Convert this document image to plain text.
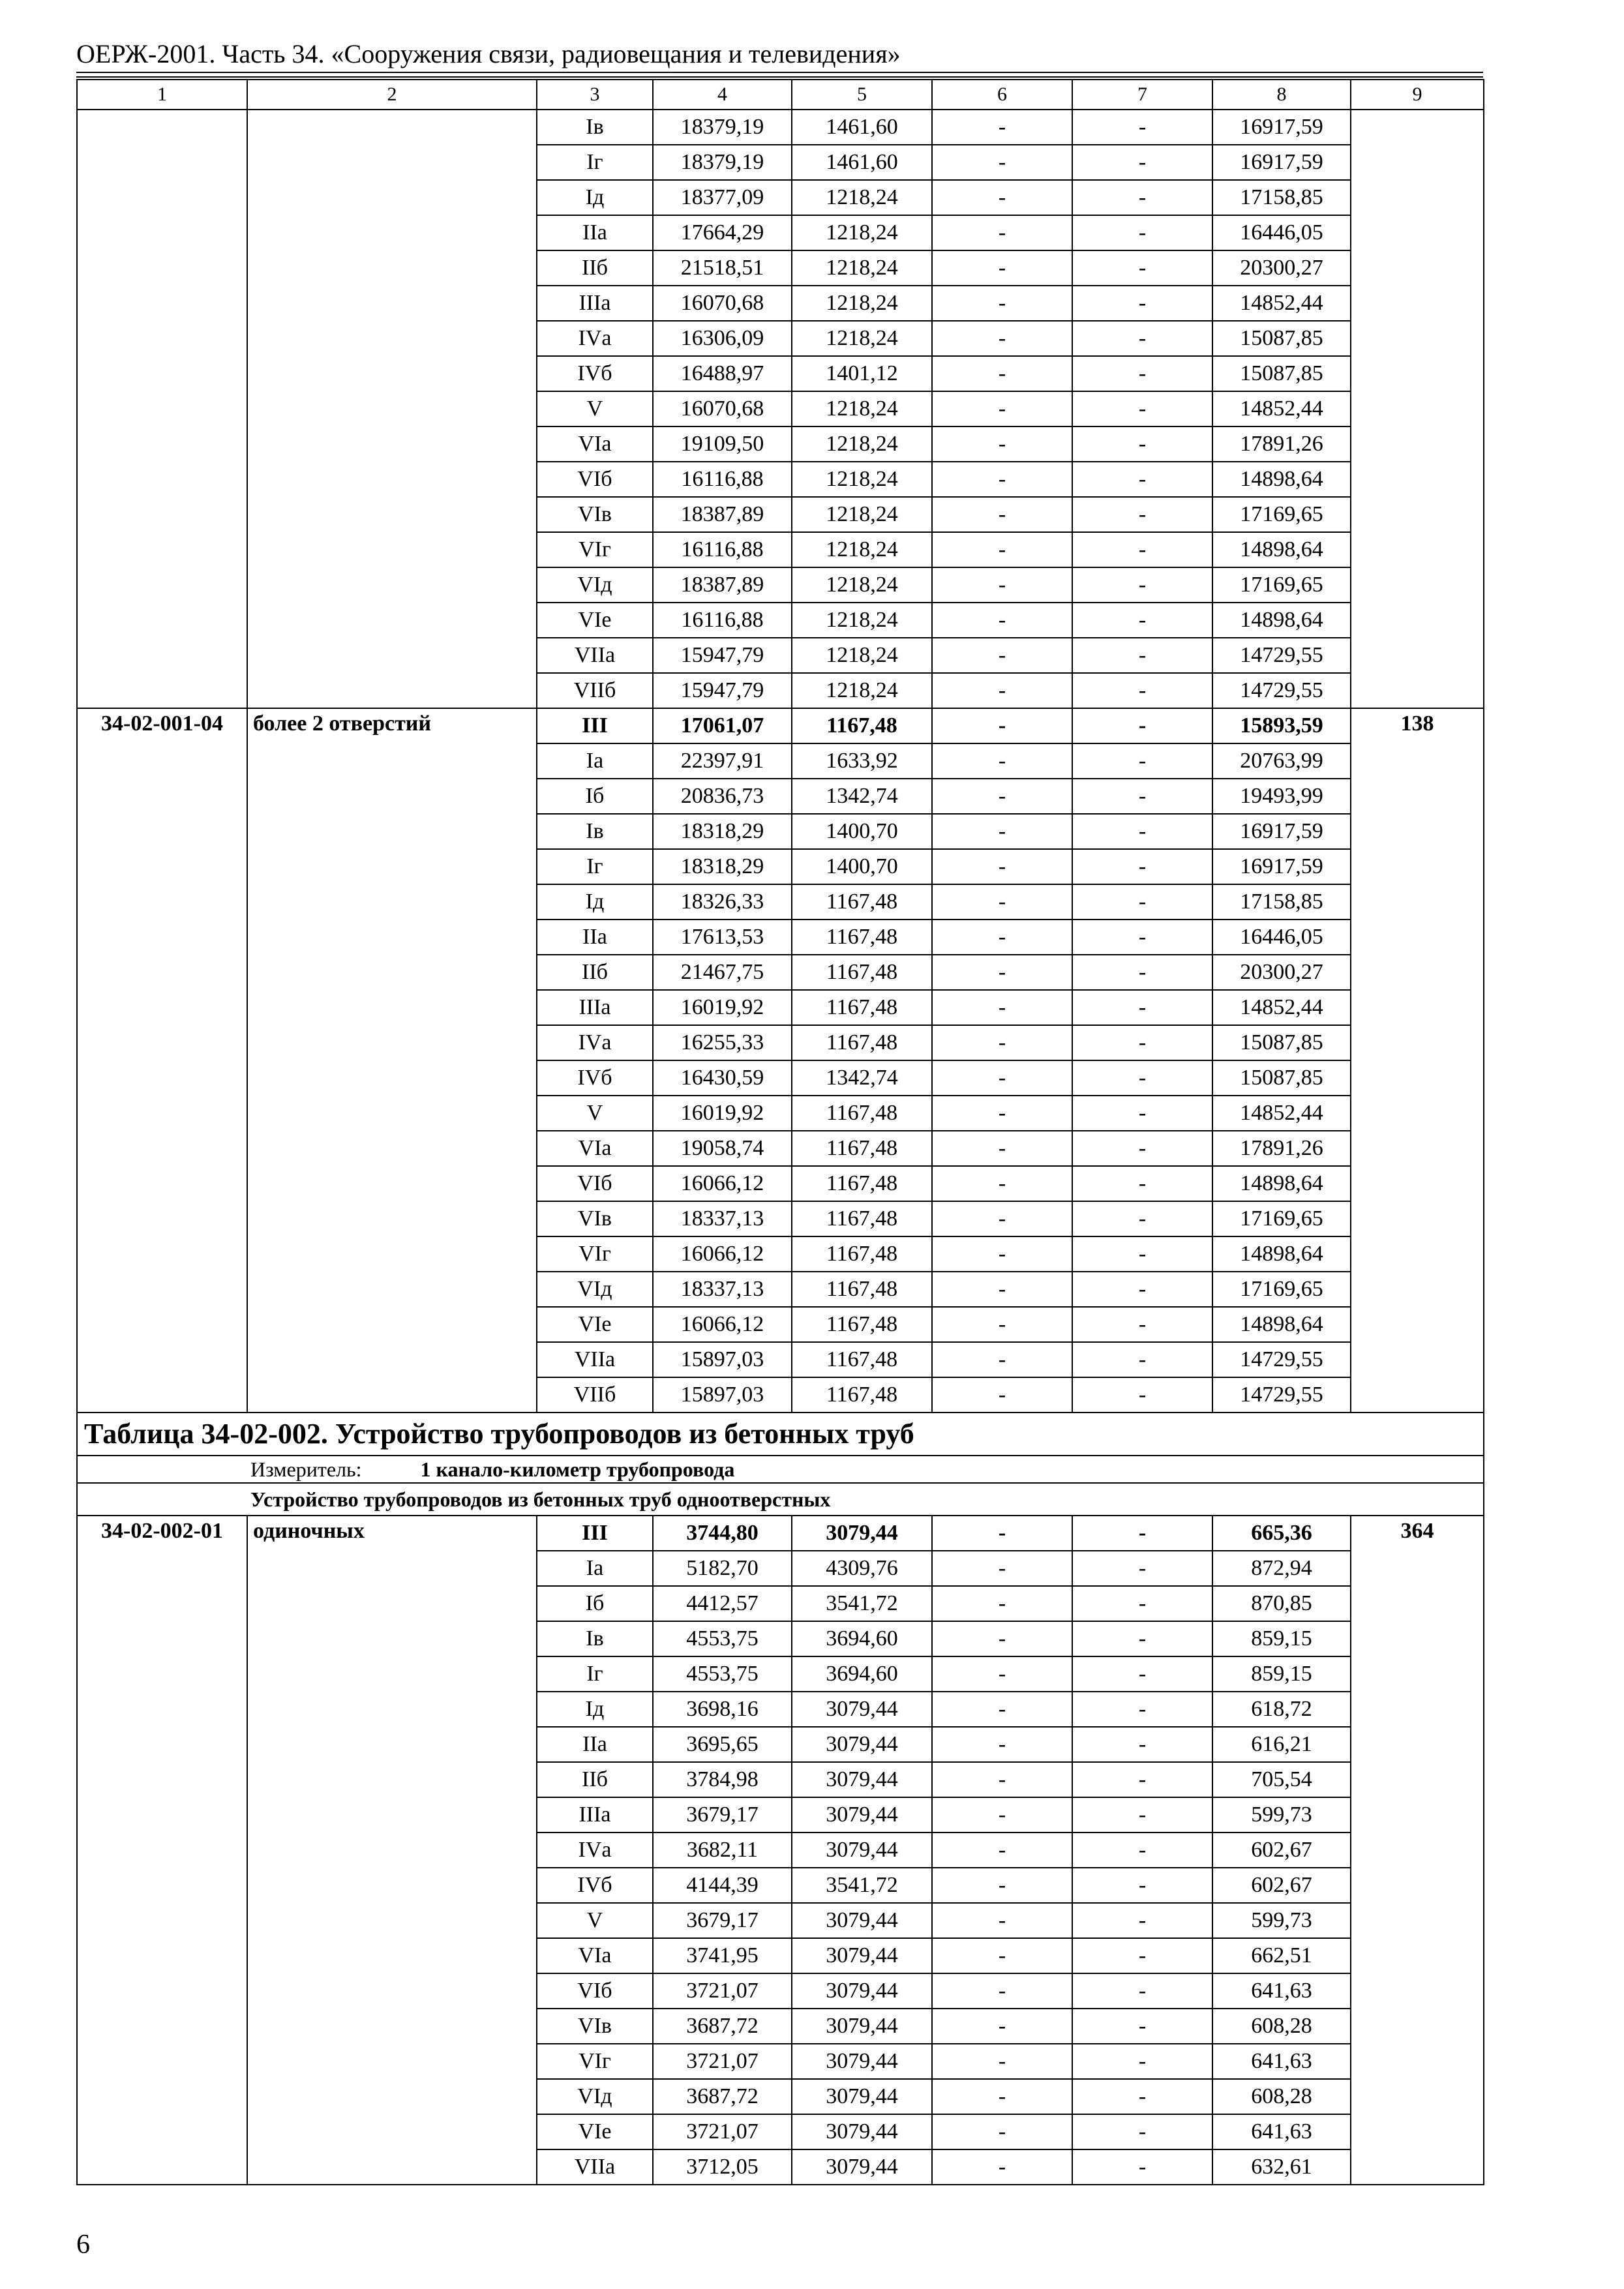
ОЕРЖ-2001. Часть 34. «Сооружения связи, радиовещания и телевидения»
1	2	3	4	5	6	7	8	9
		Iв	18379,19	1461,60	-	-	16917,59	
		Iг	18379,19	1461,60	-	-	16917,59	
		Iд	18377,09	1218,24	-	-	17158,85	
		IIа	17664,29	1218,24	-	-	16446,05	
		IIб	21518,51	1218,24	-	-	20300,27	
		IIIа	16070,68	1218,24	-	-	14852,44	
		IVа	16306,09	1218,24	-	-	15087,85	
		IVб	16488,97	1401,12	-	-	15087,85	
		V	16070,68	1218,24	-	-	14852,44	
		VIа	19109,50	1218,24	-	-	17891,26	
		VIб	16116,88	1218,24	-	-	14898,64	
		VIв	18387,89	1218,24	-	-	17169,65	
		VIг	16116,88	1218,24	-	-	14898,64	
		VIд	18387,89	1218,24	-	-	17169,65	
		VIе	16116,88	1218,24	-	-	14898,64	
		VIIа	15947,79	1218,24	-	-	14729,55	
		VIIб	15947,79	1218,24	-	-	14729,55	
34-02-001-04	более 2 отверстий	III	17061,07	1167,48	-	-	15893,59	138
		Iа	22397,91	1633,92	-	-	20763,99	
		Iб	20836,73	1342,74	-	-	19493,99	
		Iв	18318,29	1400,70	-	-	16917,59	
		Iг	18318,29	1400,70	-	-	16917,59	
		Iд	18326,33	1167,48	-	-	17158,85	
		IIа	17613,53	1167,48	-	-	16446,05	
		IIб	21467,75	1167,48	-	-	20300,27	
		IIIа	16019,92	1167,48	-	-	14852,44	
		IVа	16255,33	1167,48	-	-	15087,85	
		IVб	16430,59	1342,74	-	-	15087,85	
		V	16019,92	1167,48	-	-	14852,44	
		VIа	19058,74	1167,48	-	-	17891,26	
		VIб	16066,12	1167,48	-	-	14898,64	
		VIв	18337,13	1167,48	-	-	17169,65	
		VIг	16066,12	1167,48	-	-	14898,64	
		VIд	18337,13	1167,48	-	-	17169,65	
		VIе	16066,12	1167,48	-	-	14898,64	
		VIIа	15897,03	1167,48	-	-	14729,55	
		VIIб	15897,03	1167,48	-	-	14729,55	
Таблица 34-02-002. Устройство трубопроводов из бетонных труб								
Измеритель: 1 канало-километр трубопровода								
Устройство трубопроводов из бетонных труб одноотверстных								
34-02-002-01	одиночных	III	3744,80	3079,44	-	-	665,36	364
		Iа	5182,70	4309,76	-	-	872,94	
		Iб	4412,57	3541,72	-	-	870,85	
		Iв	4553,75	3694,60	-	-	859,15	
		Iг	4553,75	3694,60	-	-	859,15	
		Iд	3698,16	3079,44	-	-	618,72	
		IIа	3695,65	3079,44	-	-	616,21	
		IIб	3784,98	3079,44	-	-	705,54	
		IIIа	3679,17	3079,44	-	-	599,73	
		IVа	3682,11	3079,44	-	-	602,67	
		IVб	4144,39	3541,72	-	-	602,67	
		V	3679,17	3079,44	-	-	599,73	
		VIа	3741,95	3079,44	-	-	662,51	
		VIб	3721,07	3079,44	-	-	641,63	
		VIв	3687,72	3079,44	-	-	608,28	
		VIг	3721,07	3079,44	-	-	641,63	
		VIд	3687,72	3079,44	-	-	608,28	
		VIе	3721,07	3079,44	-	-	641,63	
		VIIа	3712,05	3079,44	-	-	632,61	
6
